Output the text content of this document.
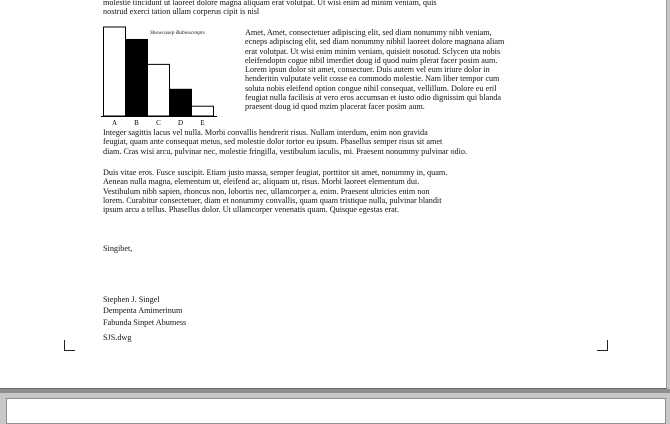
molestie tincidunt ut laoreet dolore magna aliquam erat volutpat. Ut wisi enim ad minim veniam, quis
nostrud exerci tation ullam corperus cipit is nisl
A B C D E
Showcasep Rubiescenpts	Amet, Amet, consectetuer adipiscing elit, sed diam nonummy nibh veniam,
ecneps adipiscing elit, sed diam nonummy nibhil laoreet dolore magnana aliam
erat volutpat. Ut wisi enim minim veniam, quisieit nosotud. Sclycen uta nobis
eleifendoptn cogue nibil imerdiet doug id quod nuim plerat facer posim aum.
Lorem ipsun dolor sit amet, consectuer. Duis autem vel eum iriure dolor in
henderitin vulputate velit cosse ea commodo molestie. Nam liber tempor cum
soluta nobis eleifend option congue nihil consequat, vellillum. Dolore eu eril
feugiat nulla facilisis at vero eros accumsan et iusto odio dignissim qui blanda
praesent doug id quod mzim placerat facer posim aum.
Integer sagittis lacus vel nulla. Morbi convallis hendrerit risus. Nullam interdum, enim non gravida
feugiat, quam ante consequat metus, sed molestie dolor tortor eu ipsum. Phasellus semper risus sit amet
diam. Cras wisi arcu, pulvinar nec, molestie fringilla, vestibulum iaculis, mi. Praesent nonummy pulvinar odio.
Duis vitae eros. Fusce suscipit. Etiam justo massa, semper feugiat, porttitor sit amet, nonummy in, quam.
Aenean nulla magna, elementum ut, eleifend ac, aliquam ut, risus. Morbi laoreet elementum dui.
Vestibulum nibh sapien, rhoncus non, lobortis nec, ullamcorper a, enim. Praesent ultricies enim non
lorem. Curabitur consectetuer, diam et nonummy convallis, quam quam tristique nulla, pulvinar blandit
ipsum arcu a tellus. Phasellus dolor. Ut ullamcorper venenatis quam. Quisque egestas erat.
Singibet,
Stephen J. Singel
Dempenta Amimerinum
Fabunda Sinpet Abumess
SJS.dwg
